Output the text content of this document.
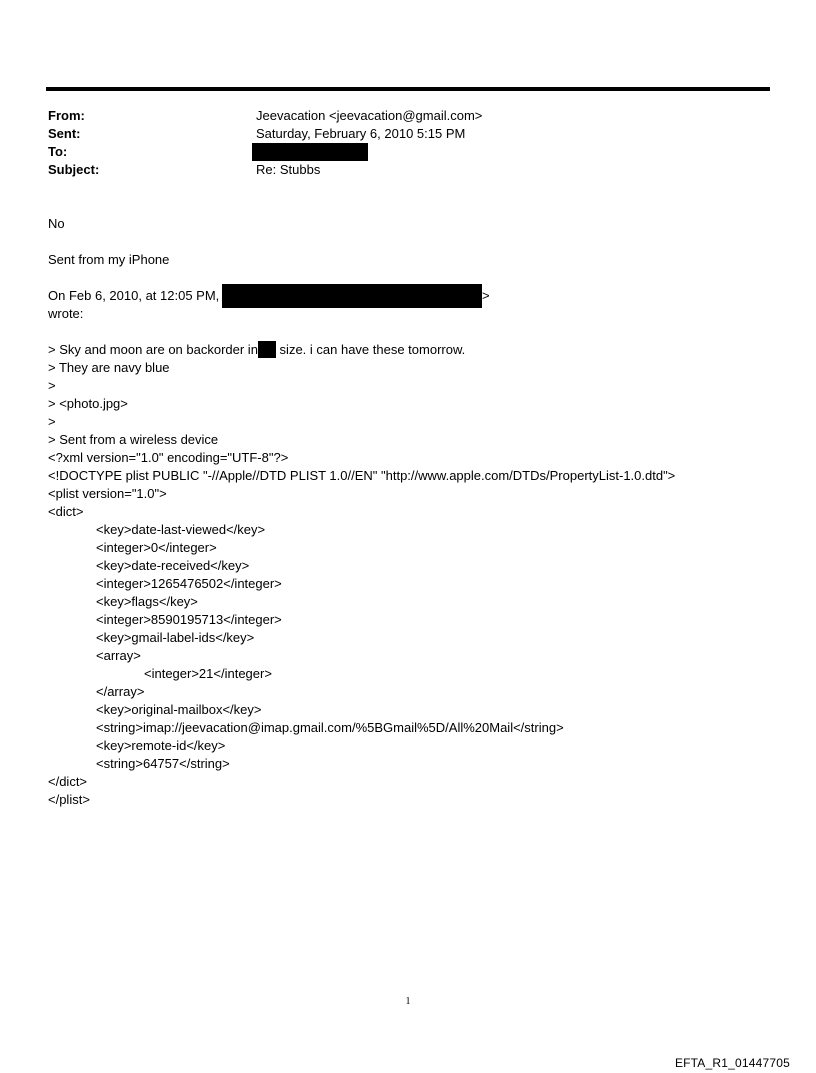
From:	Jeevacation <jeevacation@gmail.com>
Sent:	Saturday, February 6, 2010 5:15 PM
To:
Subject:	Re: Stubbs
No
Sent from my iPhone
On Feb 6, 2010, at 12:05 PM,	>
wrote:
> Sky and moon are on backorder in size. i can have these tomorrow.
> They are navy blue
>
> <photo.jpg>
>
> Sent from a wireless device
<?xml version="1.0" encoding="UTF-8"?>
<!DOCTYPE plist PUBLIC "-//Apple//DTD PLIST 1.0//EN" "http://www.apple.com/DTDs/PropertyList-1.0.dtd">
<plist version="1.0">
<dict>
<key>date-last-viewed</key>
<integer>0</integer>
<key>date-received</key>
<integer>1265476502</integer>
<key>flags</key>
<integer>8590195713</integer>
<key>gmail-label-ids</key>
<array>
<integer>21</integer>
</array>
<key>original-mailbox</key>
<string>imap://jeevacation@imap.gmail.com/%5BGmail%5D/All%20Mail</string>
<key>remote-id</key>
<string>64757</string>
</dict>
</plist>
1
EFTA_R1_01447705
